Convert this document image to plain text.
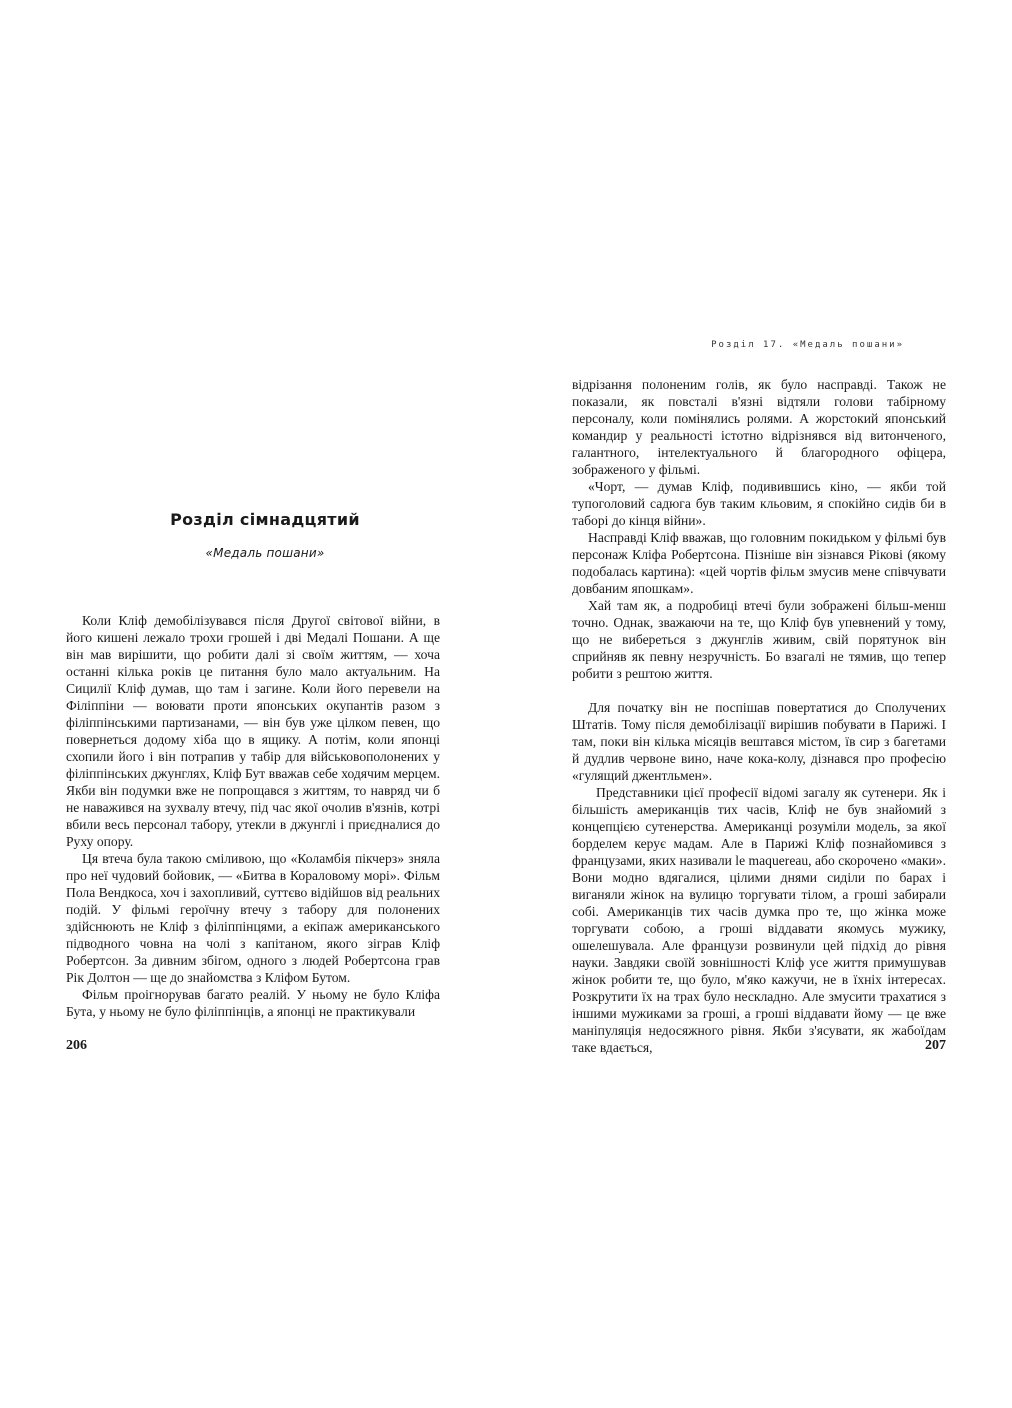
Розділ сімнадцятий
«Медаль пошани»

Коли Кліф демобілізувався після Другої світової війни, в його кишені лежало трохи грошей і дві Медалі Пошани. А ще він мав вирішити, що робити далі зі своїм життям, — хоча останні кілька років це питання було мало актуальним. На Сицилії Кліф думав, що там і загине. Коли його перевели на Філіппіни — воювати проти японських окупантів разом з філіппінськими партизанами, — він був уже цілком певен, що повернеться додому хіба що в ящику. А потім, коли японці схопили його і він потрапив у табір для військовополонених у філіппінських джунглях, Кліф Бут вважав себе ходячим мерцем. Якби він подумки вже не попрощався з життям, то навряд чи б не наважився на зухвалу втечу, під час якої очолив в'язнів, котрі вбили весь персонал табору, утекли в джунглі і приєдналися до Руху опору.

Ця втеча була такою сміливою, що «Коламбія пікчерз» зняла про неї чудовий бойовик, — «Битва в Кораловому морі». Фільм Пола Вендкоса, хоч і захопливий, суттєво відійшов від реальних подій. У фільмі героїчну втечу з табору для полонених здійснюють не Кліф з філіппінцями, а екіпаж американського підводного човна на чолі з капітаном, якого зіграв Кліф Робертсон. За дивним збігом, одного з людей Робертсона грав Рік Долтон — ще до знайомства з Кліфом Бутом.

Фільм проігнорував багато реалій. У ньому не було Кліфа Бута, у ньому не було філіппінців, а японці не практикували

206
Розділ 17. «Медаль пошани»

відрізання полоненим голів, як було насправді. Також не показали, як повсталі в'язні відтяли голови табірному персоналу, коли помінялись ролями. А жорстокий японський командир у реальності істотно відрізнявся від витонченого, галантного, інтелектуального й благородного офіцера, зображеного у фільмі.

«Чорт, — думав Кліф, подивившись кіно, — якби той тупоголовий садюга був таким кльовим, я спокійно сидів би в таборі до кінця війни».

Насправді Кліф вважав, що головним покидьком у фільмі був персонаж Кліфа Робертсона. Пізніше він зізнався Рікові (якому подобалась картина): «цей чортів фільм змусив мене співчувати довбаним япошкам».

Хай там як, а подробиці втечі були зображені більш-менш точно. Однак, зважаючи на те, що Кліф був упевнений у тому, що не вибереться з джунглів живим, свій порятунок він сприйняв як певну незручність. Бо взагалі не тямив, що тепер робити з рештою життя.

Для початку він не поспішав повертатися до Сполучених Штатів. Тому після демобілізації вирішив побувати в Парижі. І там, поки він кілька місяців вештався містом, їв сир з багетами й дудлив червоне вино, наче кока-колу, дізнався про професію «гулящий джентльмен».

Представники цієї професії відомі загалу як сутенери. Як і більшість американців тих часів, Кліф не був знайомий з концепцією сутенерства. Американці розуміли модель, за якої борделем керує мадам. Але в Парижі Кліф познайомився з французами, яких називали le maquereau, або скорочено «маки». Вони модно вдягалися, цілими днями сиділи по барах і виганяли жінок на вулицю торгувати тілом, а гроші забирали собі. Американців тих часів думка про те, що жінка може торгувати собою, а гроші віддавати якомусь мужику, ошелешувала. Але французи розвинули цей підхід до рівня науки. Завдяки своїй зовнішності Кліф усе життя примушував жінок робити те, що було, м'яко кажучи, не в їхніх інтересах. Розкрутити їх на трах було нескладно. Але змусити трахатися з іншими мужиками за гроші, а гроші віддавати йому — це вже маніпуляція недосяжного рівня. Якби з'ясувати, як жабоїдам таке вдається,	207
